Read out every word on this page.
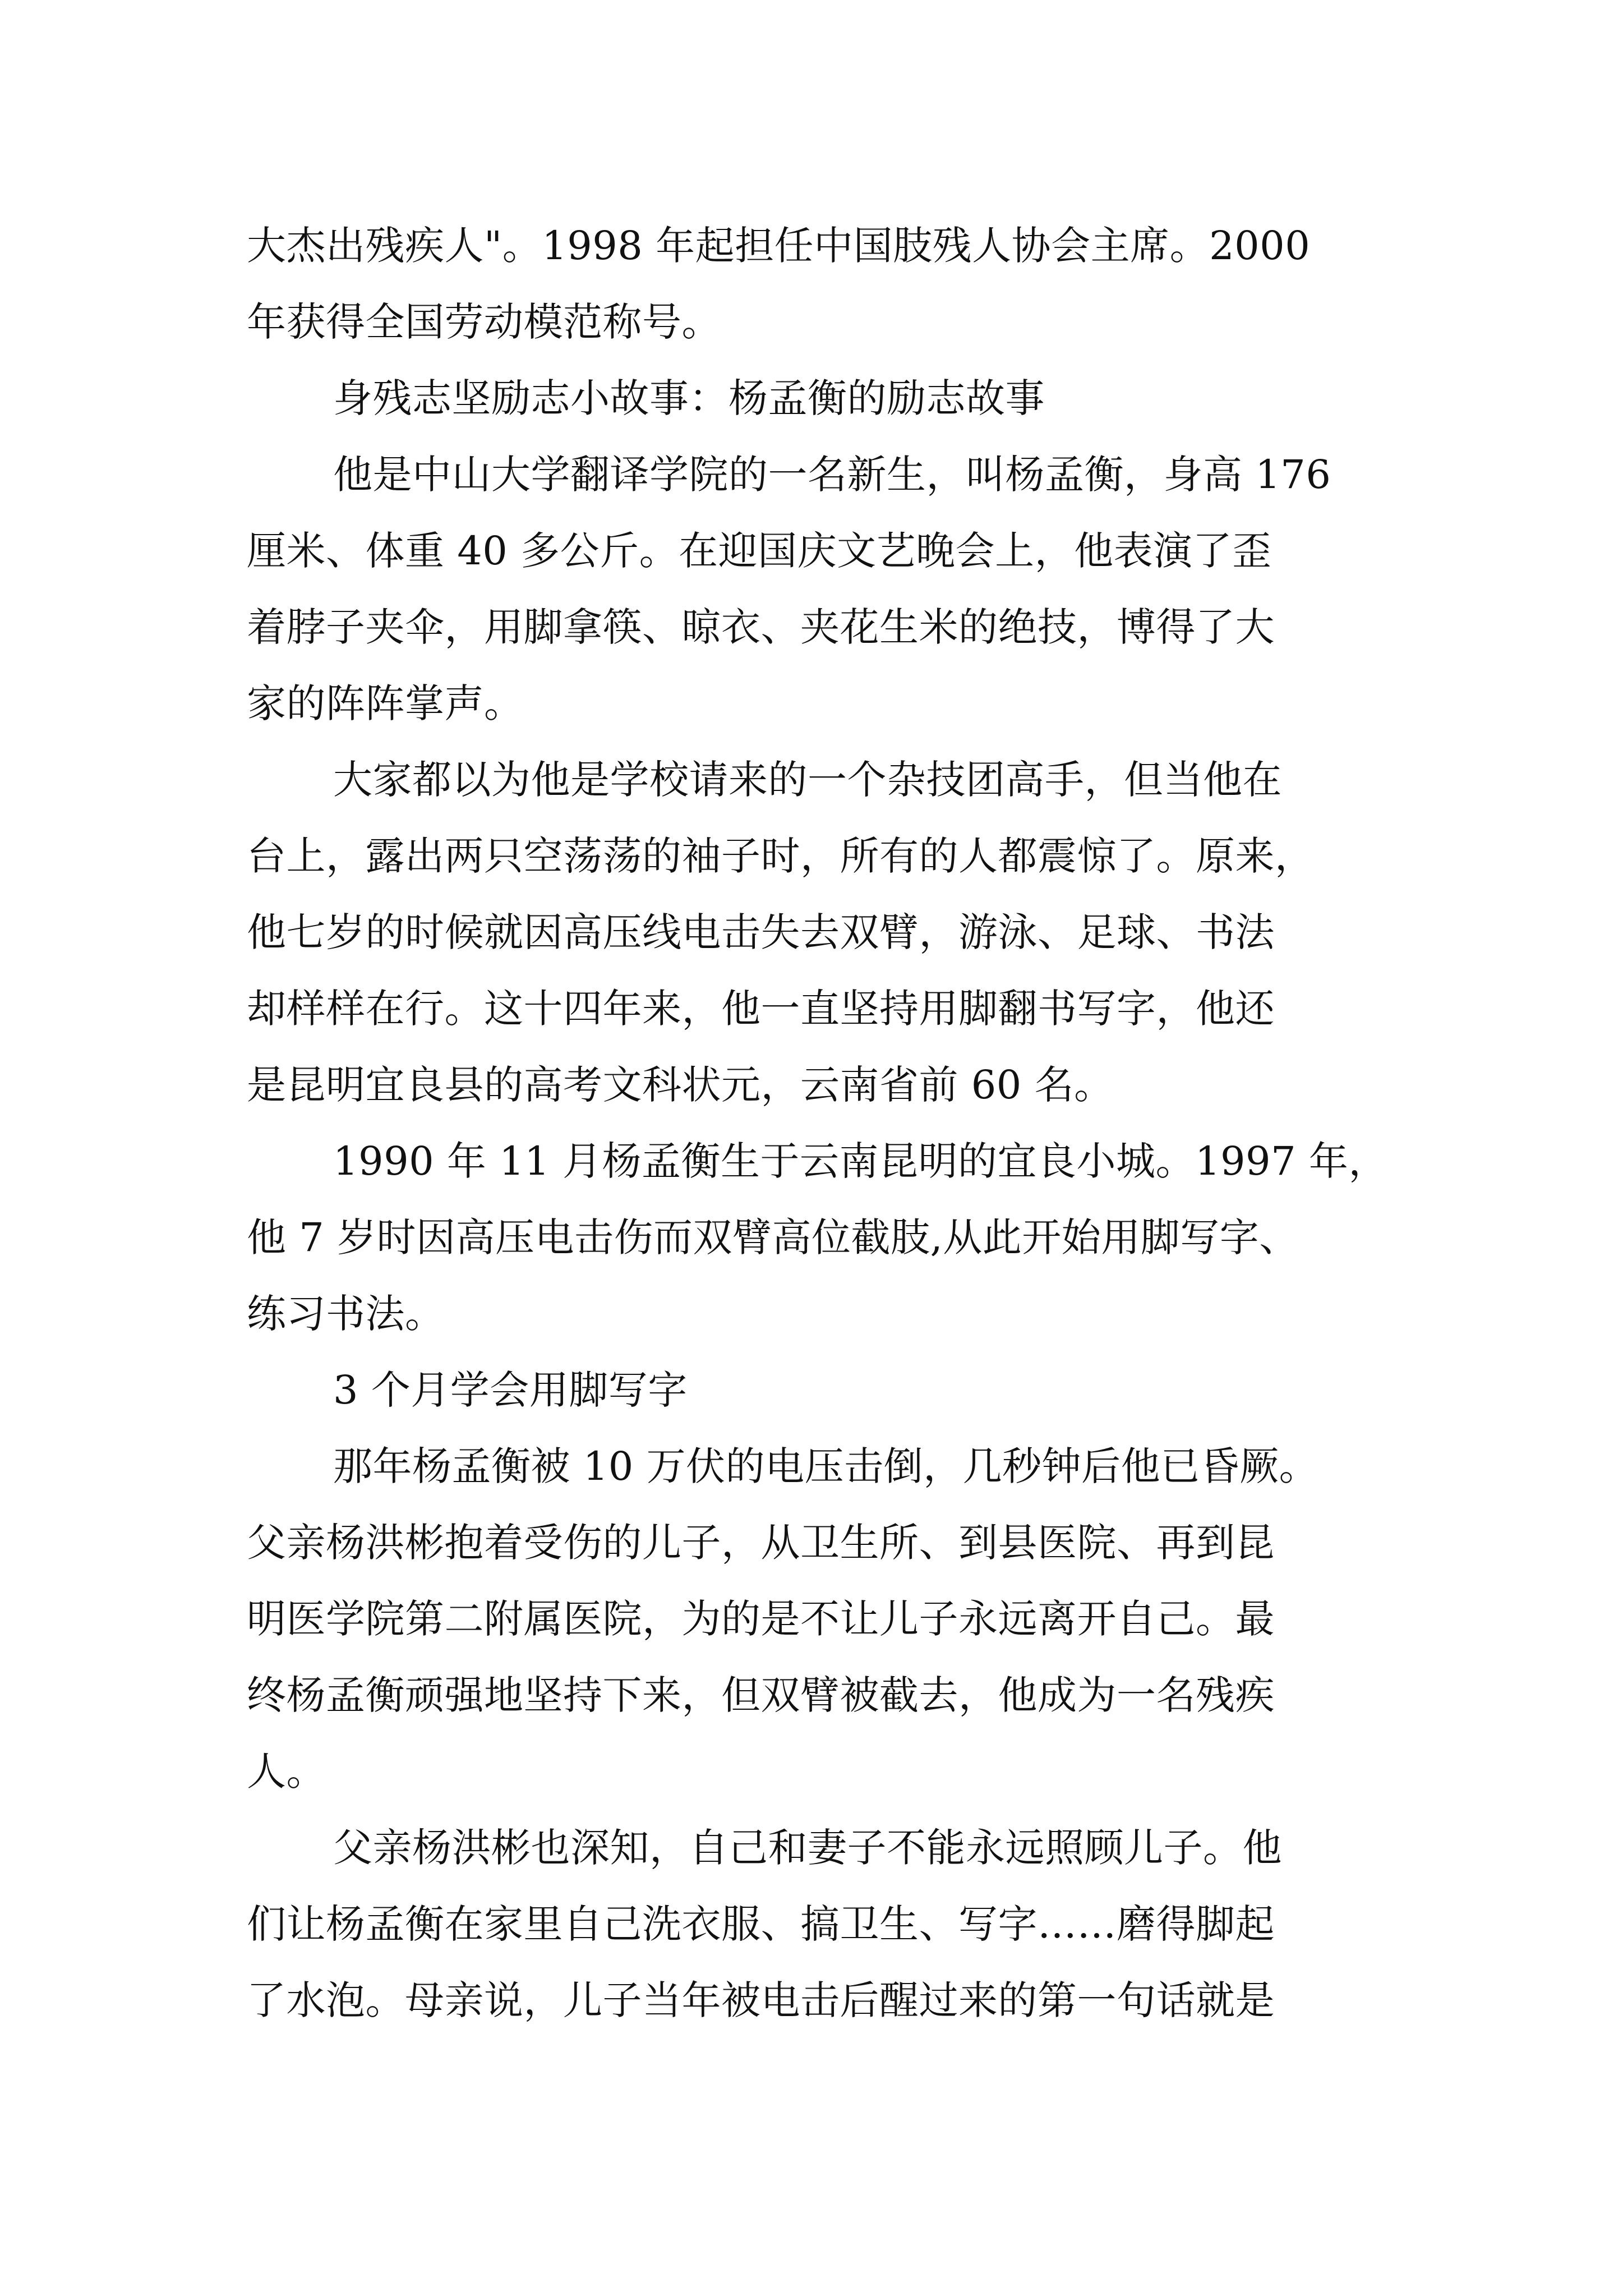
大杰出残疾人"。1998 年起担任中国肢残人协会主席。2000
年获得全国劳动模范称号。
身残志坚励志小故事：杨孟衡的励志故事
他是中山大学翻译学院的一名新生，叫杨孟衡，身高 176
厘米、体重 40 多公斤。在迎国庆文艺晚会上，他表演了歪
着脖子夹伞，用脚拿筷、晾衣、夹花生米的绝技，博得了大
家的阵阵掌声。
大家都以为他是学校请来的一个杂技团高手，但当他在
台上，露出两只空荡荡的袖子时，所有的人都震惊了。原来，
他七岁的时候就因高压线电击失去双臂，游泳、足球、书法
却样样在行。这十四年来，他一直坚持用脚翻书写字，他还
是昆明宜良县的高考文科状元，云南省前 60 名。
1990 年 11 月杨孟衡生于云南昆明的宜良小城。1997 年，
他 7 岁时因高压电击伤而双臂高位截肢,从此开始用脚写字、
练习书法。
3 个月学会用脚写字
那年杨孟衡被 10 万伏的电压击倒，几秒钟后他已昏厥。
父亲杨洪彬抱着受伤的儿子，从卫生所、到县医院、再到昆
明医学院第二附属医院，为的是不让儿子永远离开自己。最
终杨孟衡顽强地坚持下来，但双臂被截去，他成为一名残疾
人。
父亲杨洪彬也深知，自己和妻子不能永远照顾儿子。他
们让杨孟衡在家里自己洗衣服、搞卫生、写字……磨得脚起
了水泡。母亲说，儿子当年被电击后醒过来的第一句话就是
